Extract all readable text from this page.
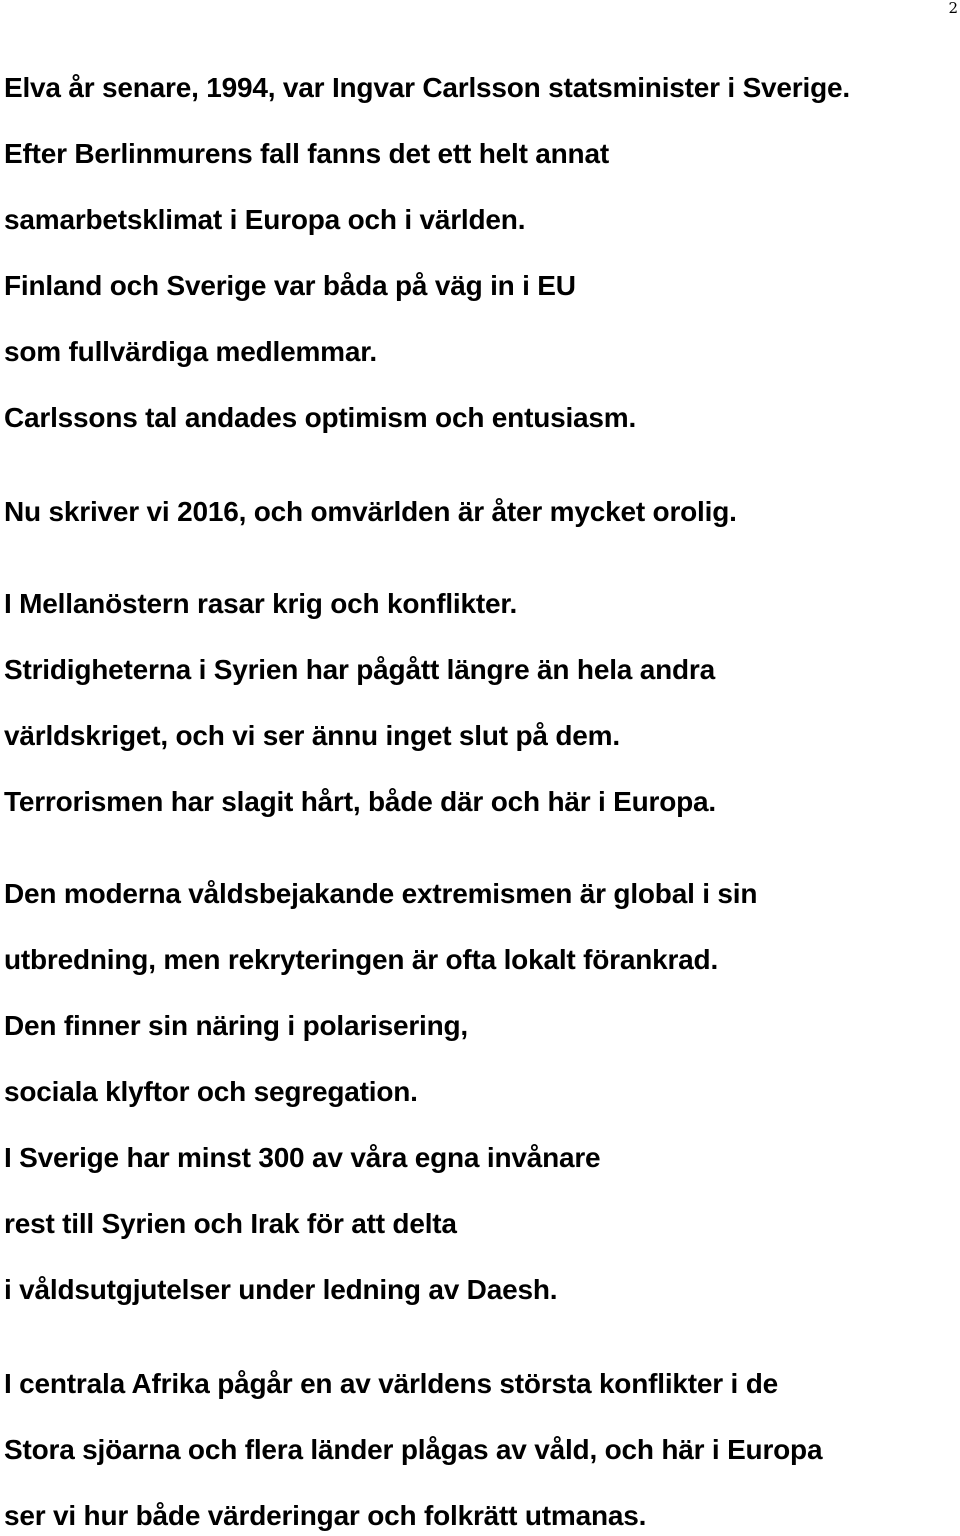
2
Elva år senare, 1994, var Ingvar Carlsson statsminister i Sverige.
Efter Berlinmurens fall fanns det ett helt annat
samarbetsklimat i Europa och i världen.
Finland och Sverige var båda på väg in i EU
som fullvärdiga medlemmar.
Carlssons tal andades optimism och entusiasm.
Nu skriver vi 2016, och omvärlden är åter mycket orolig.
I Mellanöstern rasar krig och konflikter.
Stridigheterna i Syrien har pågått längre än hela andra
världskriget, och vi ser ännu inget slut på dem.
Terrorismen har slagit hårt, både där och här i Europa.
Den moderna våldsbejakande extremismen är global i sin
utbredning, men rekryteringen är ofta lokalt förankrad.
Den finner sin näring i polarisering,
sociala klyftor och segregation.
I Sverige har minst 300 av våra egna invånare
rest till Syrien och Irak för att delta
i våldsutgjutelser under ledning av Daesh.
I centrala Afrika pågår en av världens största konflikter i de
Stora sjöarna och flera länder plågas av våld, och här i Europa
ser vi hur både värderingar och folkrätt utmanas.
